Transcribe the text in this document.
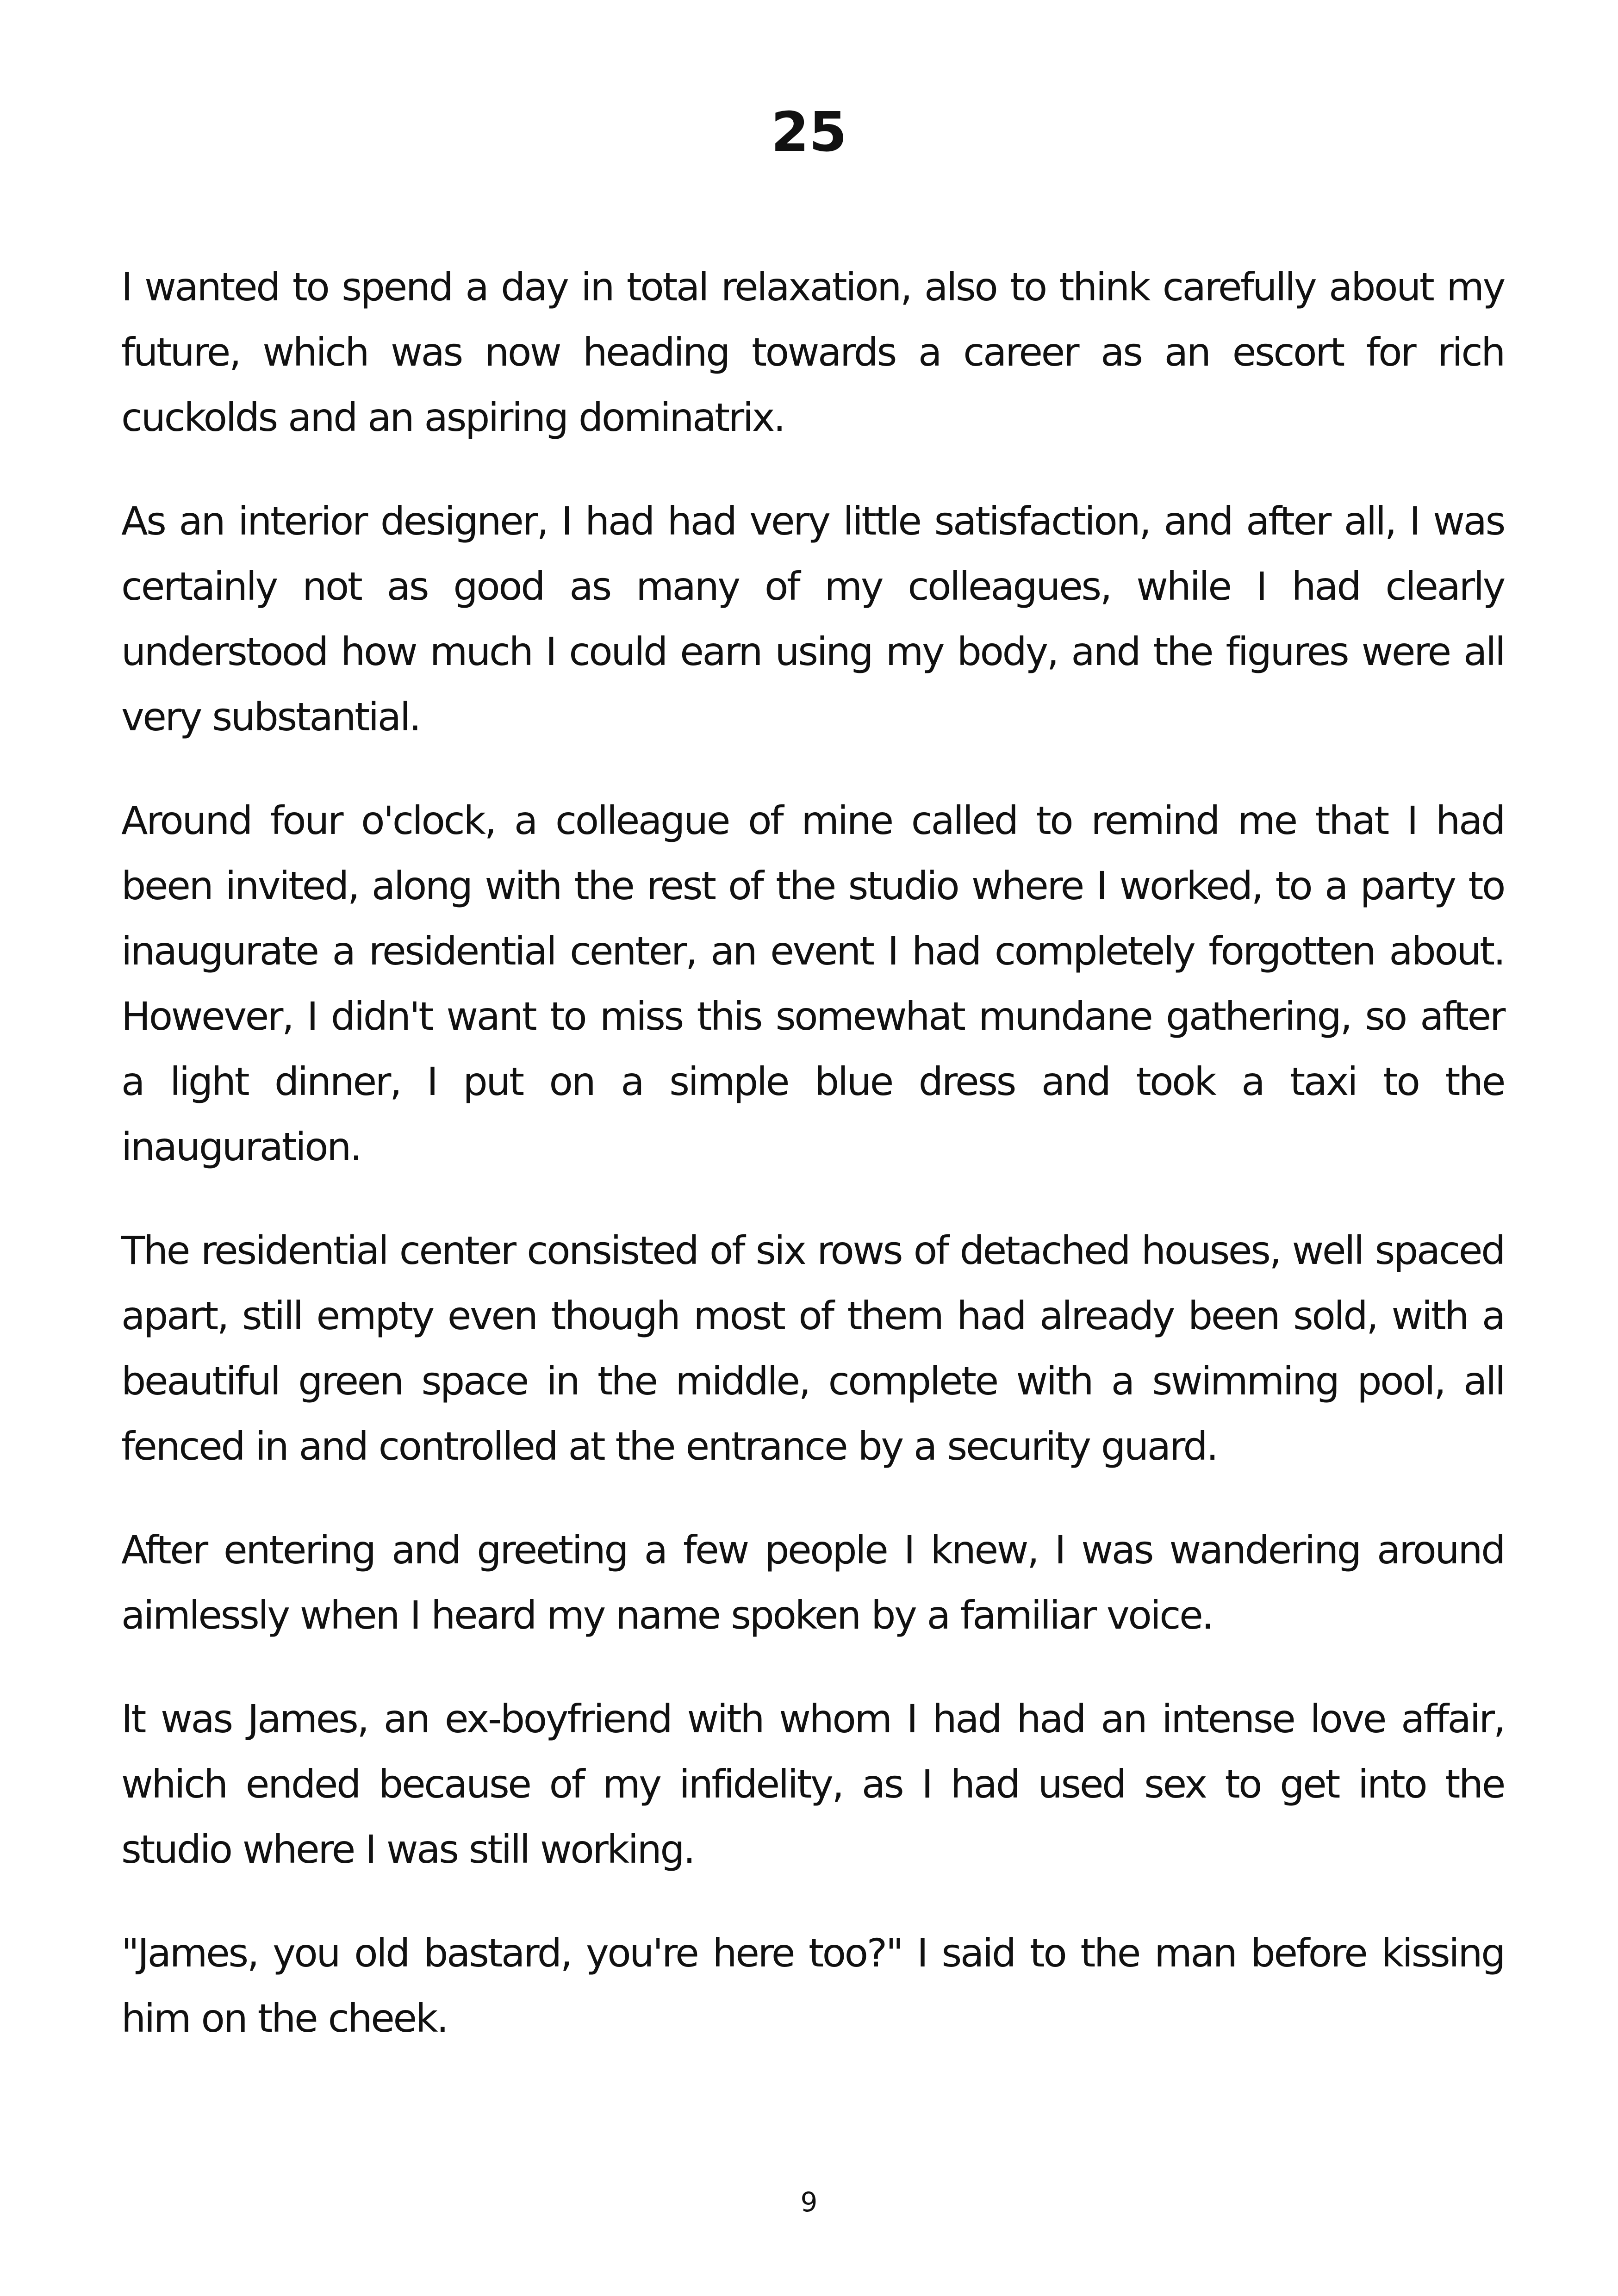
25

I wanted to spend a day in total relaxation, also to think carefully about my future, which was now heading towards a career as an escort for rich cuckolds and an aspiring dominatrix.

As an interior designer, I had had very little satisfaction, and after all, I was certainly not as good as many of my colleagues, while I had clearly understood how much I could earn using my body, and the figures were all very substantial.

Around four o'clock, a colleague of mine called to remind me that I had been invited, along with the rest of the studio where I worked, to a party to inaugurate a residential center, an event I had completely forgotten about. However, I didn't want to miss this somewhat mundane gathering, so after a light dinner, I put on a simple blue dress and took a taxi to the inauguration.

The residential center consisted of six rows of detached houses, well spaced apart, still empty even though most of them had already been sold, with a beautiful green space in the middle, complete with a swimming pool, all fenced in and controlled at the entrance by a security guard.

After entering and greeting a few people I knew, I was wandering around aimlessly when I heard my name spoken by a familiar voice.

It was James, an ex-boyfriend with whom I had had an intense love affair, which ended because of my infidelity, as I had used sex to get into the studio where I was still working.

"James, you old bastard, you're here too?" I said to the man before kissing him on the cheek.

9
